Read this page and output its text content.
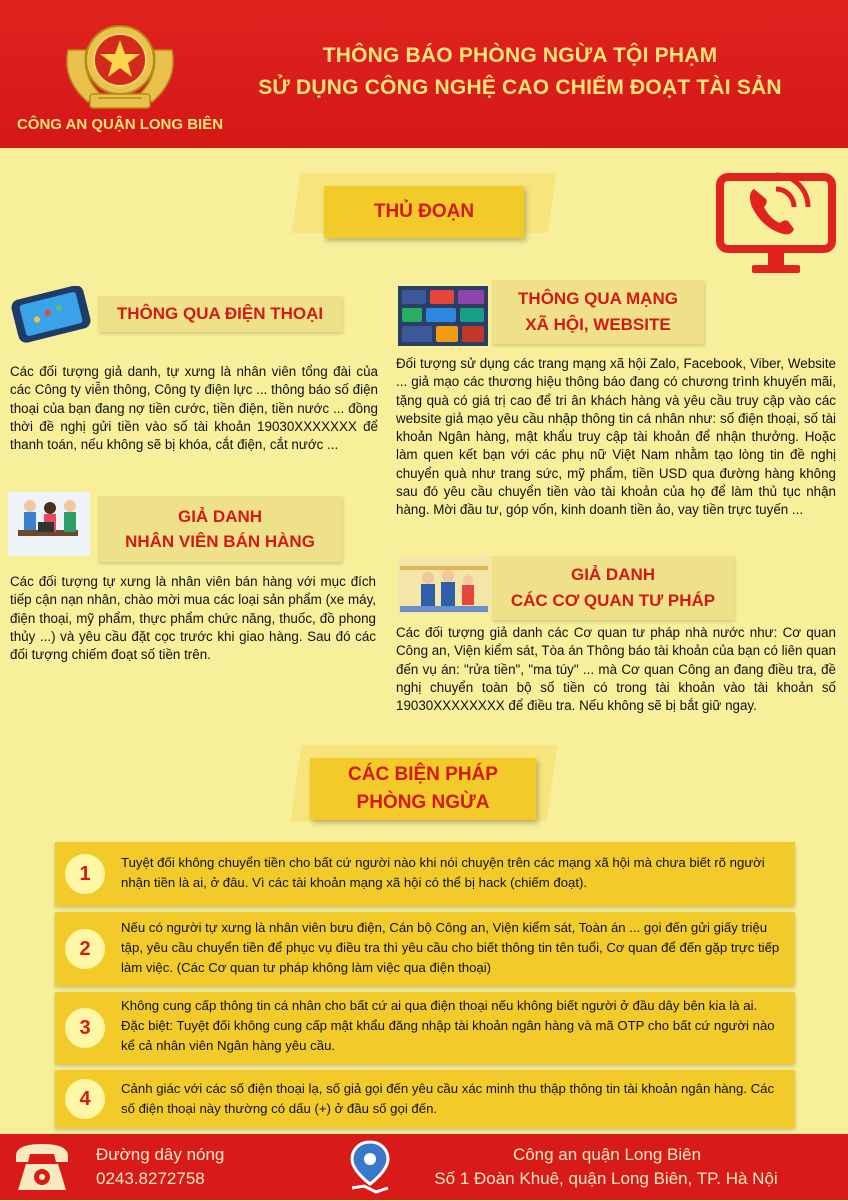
CÔNG AN QUẬN LONG BIÊN
THÔNG BÁO PHÒNG NGỪA TỘI PHẠM
SỬ DỤNG CÔNG NGHỆ CAO CHIẾM ĐOẠT TÀI SẢN
THỦ ĐOẠN
THÔNG QUA ĐIỆN THOẠI
Các đối tượng giả danh, tự xưng là nhân viên tổng đài của các Công ty viễn thông, Công ty điện lực ... thông báo số điện thoại của bạn đang nợ tiền cước, tiền điện, tiền nước ... đồng thời đề nghị gửi tiền vào số tài khoản 19030XXXXXXX để thanh toán, nếu không sẽ bị khóa, cắt điện, cắt nước ...
GIẢ DANH
NHÂN VIÊN BÁN HÀNG
Các đối tượng tự xưng là nhân viên bán hàng với mục đích tiếp cận nạn nhân, chào mời mua các loại sản phẩm (xe máy, điện thoại, mỹ phẩm, thực phẩm chức năng, thuốc, đồ phong thủy ...) và yêu cầu đặt cọc trước khi giao hàng. Sau đó các đối tượng chiếm đoạt số tiền trên.
THÔNG QUA MẠNG
XÃ HỘI, WEBSITE
Đối tượng sử dụng các trang mạng xã hội Zalo, Facebook, Viber, Website ... giả mạo các thương hiệu thông báo đang có chương trình khuyến mãi, tặng quà có giá trị cao để tri ân khách hàng và yêu cầu truy cập vào các website giả mạo yêu cầu nhập thông tin cá nhân như: số điện thoại, số tài khoản Ngân hàng, mật khẩu truy cập tài khoản để nhận thưởng. Hoặc làm quen kết bạn với các phụ nữ Việt Nam nhằm tạo lòng tin đề nghị chuyển quà như trang sức, mỹ phẩm, tiền USD qua đường hàng không sau đó yêu cầu chuyển tiền vào tài khoản của họ để làm thủ tục nhận hàng. Mời đầu tư, góp vốn, kinh doanh tiền ảo, vay tiền trực tuyến ...
GIẢ DANH
CÁC CƠ QUAN TƯ PHÁP
Các đối tượng giả danh các Cơ quan tư pháp nhà nước như: Cơ quan Công an, Viện kiểm sát, Tòa án Thông báo tài khoản của bạn có liên quan đến vụ án: "rửa tiền", "ma túy" ... mà Cơ quan Công an đang điều tra, đề nghị chuyển toàn bộ số tiền có trong tài khoản vào tài khoản số 19030XXXXXXXX để điều tra. Nếu không sẽ bị bắt giữ ngay.
CÁC BIỆN PHÁP
PHÒNG NGỪA
1	Tuyệt đối không chuyển tiền cho bất cứ người nào khi nói chuyện trên các mạng xã hội mà chưa biết rõ người nhận tiền là ai, ở đâu. Vì các tài khoản mạng xã hội có thể bị hack (chiếm đoạt).
2
Nếu có người tự xưng là nhân viên bưu điện, Cán bộ Công an, Viện kiểm sát, Toàn án ... gọi đến gửi giấy triệu tập, yêu cầu chuyển tiền để phục vụ điều tra thì yêu cầu cho biết thông tin tên tuổi, Cơ quan để đến gặp trực tiếp làm việc. (Các Cơ quan tư pháp không làm việc qua điện thoại)
3
Không cung cấp thông tin cá nhân cho bất cứ ai qua điện thoại nếu không biết người ở đầu dây bên kia là ai. Đặc biệt: Tuyệt đối không cung cấp mật khẩu đăng nhập tài khoản ngân hàng và mã OTP cho bất cứ người nào kể cả nhân viên Ngân hàng yêu cầu.
4	Cảnh giác với các số điện thoại lạ, số giả gọi đến yêu cầu xác minh thu thập thông tin tài khoản ngân hàng. Các số điện thoại này thường có dấu (+) ở đầu số gọi đến.
Đường dây nóng
0243.8272758
Công an quận Long Biên
Số 1 Đoàn Khuê, quận Long Biên, TP. Hà Nội
